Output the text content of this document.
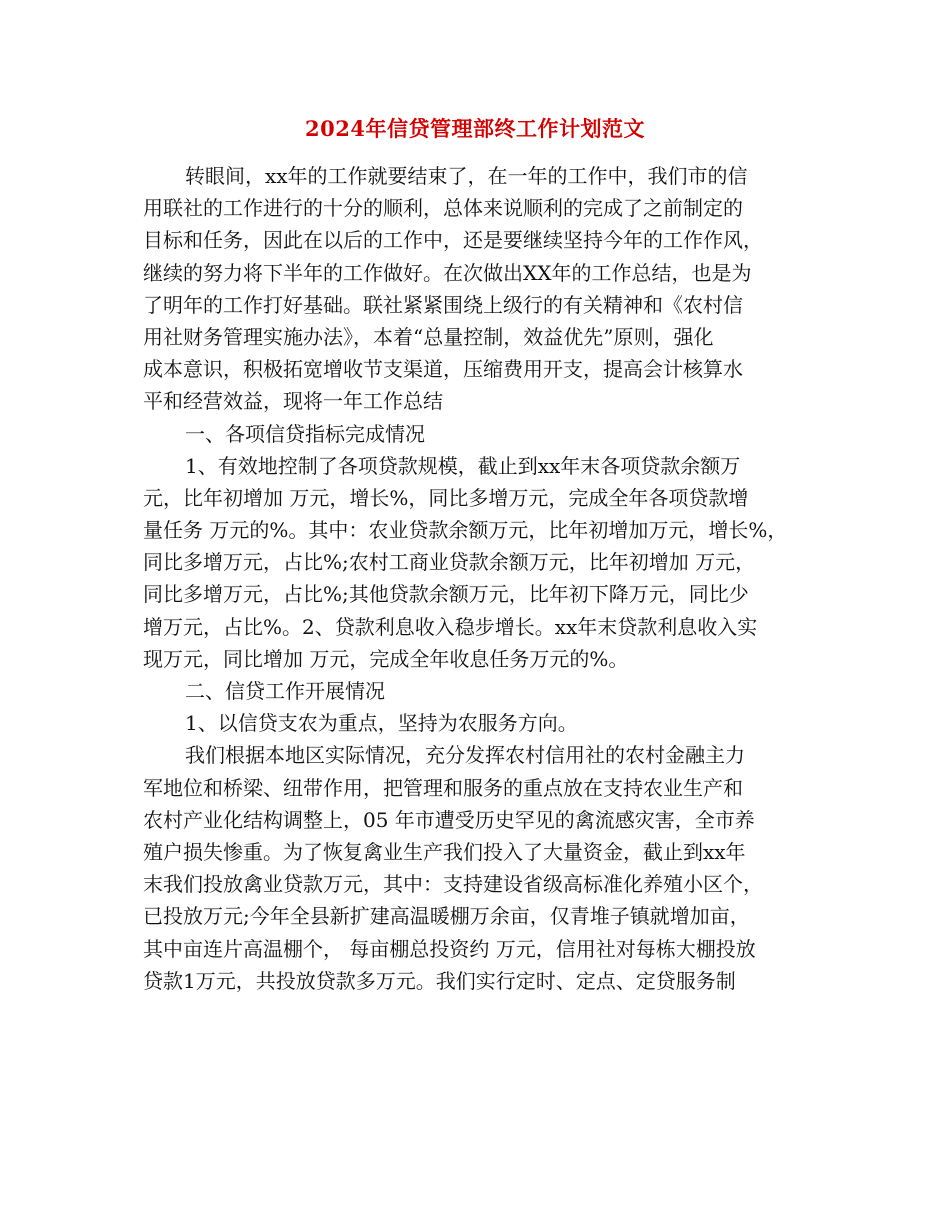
2024年信贷管理部终工作计划范文
转眼间，xx年的工作就要结束了，在一年的工作中，我们市的信
用联社的工作进行的十分的顺利，总体来说顺利的完成了之前制定的
目标和任务，因此在以后的工作中，还是要继续坚持今年的工作作风，
继续的努力将下半年的工作做好。在次做出XX年的工作总结，也是为
了明年的工作打好基础。联社紧紧围绕上级行的有关精神和《农村信
用社财务管理实施办法》，本着“总量控制，效益优先”原则，强化
成本意识，积极拓宽增收节支渠道，压缩费用开支，提高会计核算水
平和经营效益，现将一年工作总结
一、各项信贷指标完成情况
1、有效地控制了各项贷款规模，截止到xx年末各项贷款余额万
元，比年初增加 万元，增长%，同比多增万元，完成全年各项贷款增
量任务 万元的%。其中：农业贷款余额万元，比年初增加万元，增长%，
同比多增万元，占比%;农村工商业贷款余额万元，比年初增加 万元，
同比多增万元，占比%;其他贷款余额万元，比年初下降万元，同比少
增万元，占比%。2、贷款利息收入稳步增长。xx年末贷款利息收入实
现万元，同比增加 万元，完成全年收息任务万元的%。
二、信贷工作开展情况
1、以信贷支农为重点，坚持为农服务方向。
我们根据本地区实际情况，充分发挥农村信用社的农村金融主力
军地位和桥梁、纽带作用，把管理和服务的重点放在支持农业生产和
农村产业化结构调整上，05 年市遭受历史罕见的禽流感灾害，全市养
殖户损失惨重。为了恢复禽业生产我们投入了大量资金，截止到xx年
末我们投放禽业贷款万元，其中：支持建设省级高标准化养殖小区个，
已投放万元;今年全县新扩建高温暖棚万余亩，仅青堆子镇就增加亩，
其中亩连片高温棚个， 每亩棚总投资约 万元，信用社对每栋大棚投放
贷款1万元，共投放贷款多万元。我们实行定时、定点、定贷服务制
